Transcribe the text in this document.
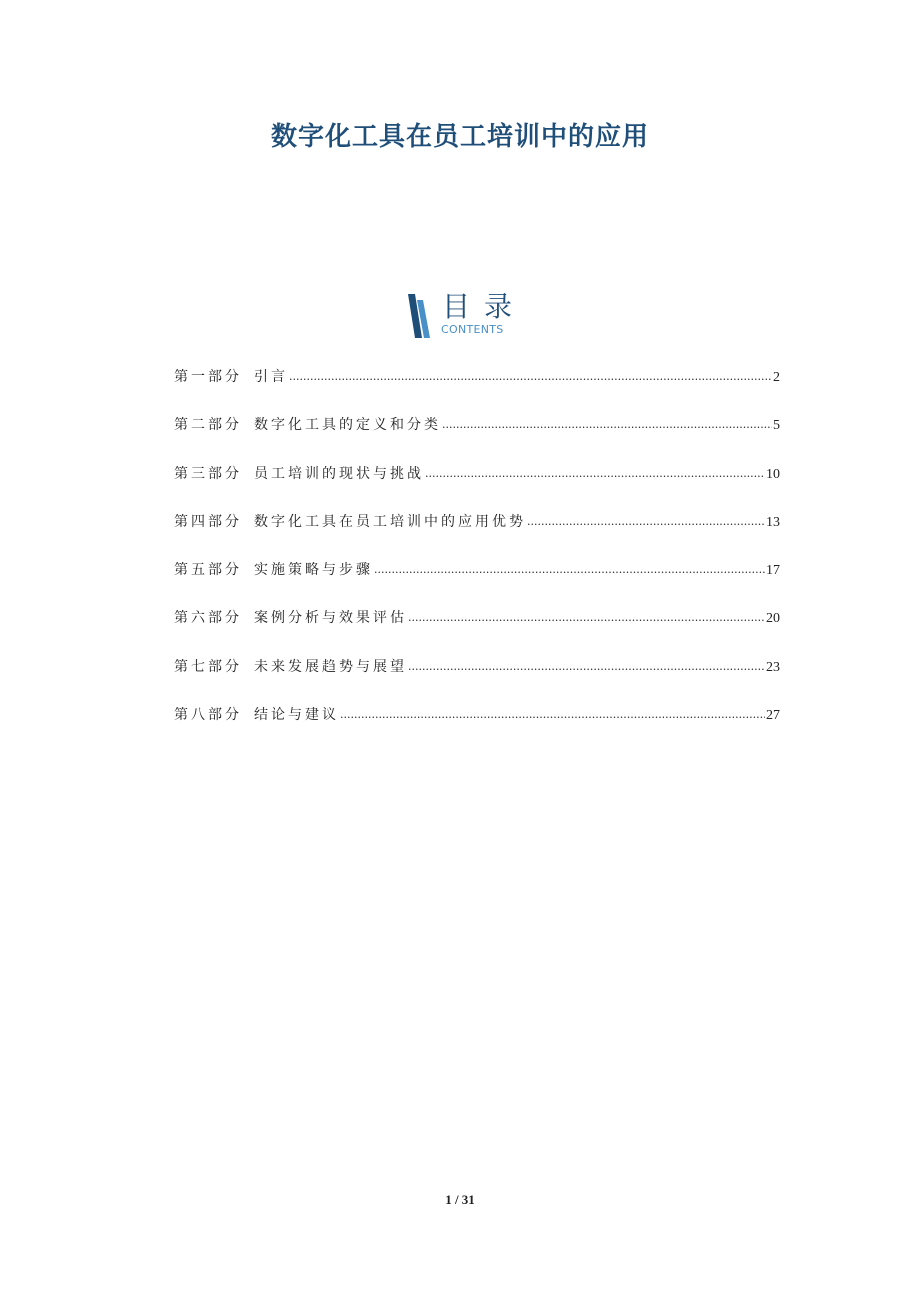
数字化工具在员工培训中的应用
目录
CONTENTS
第一部分 引言 .....	2
第二部分 数字化工具的定义和分类 .....	5
第三部分 员工培训的现状与挑战 .....	10
第四部分 数字化工具在员工培训中的应用优势 .....	13
第五部分 实施策略与步骤 .....	17
第六部分 案例分析与效果评估 .....	20
第七部分 未来发展趋势与展望 .....	23
第八部分 结论与建议 .....	27
1 / 31
